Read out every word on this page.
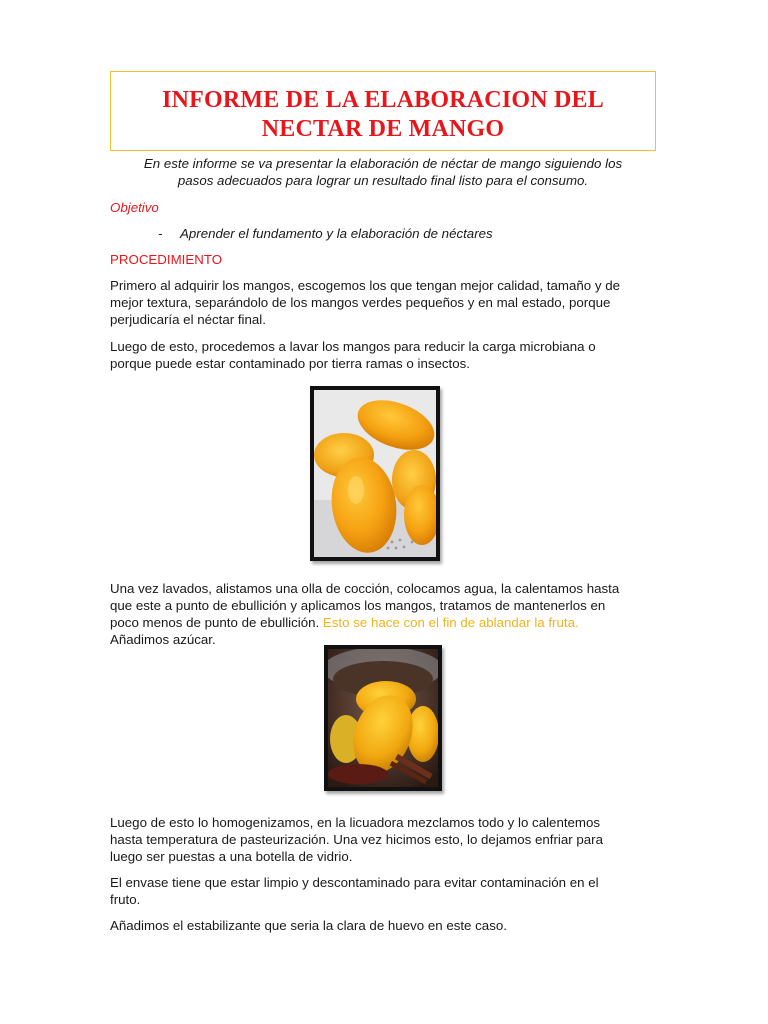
INFORME DE LA ELABORACION DEL
NECTAR DE MANGO
En este informe se va presentar la elaboración de néctar de mango siguiendo los
pasos adecuados para lograr un resultado final listo para el consumo.
Objetivo
- Aprender el fundamento y la elaboración de néctares
PROCEDIMIENTO
Primero al adquirir los mangos, escogemos los que tengan mejor calidad, tamaño y de
mejor textura, separándolo de los mangos verdes pequeños y en mal estado, porque
perjudicaría el néctar final.
Luego de esto, procedemos a lavar los mangos para reducir la carga microbiana o
porque puede estar contaminado por tierra ramas o insectos.
Una vez lavados, alistamos una olla de cocción, colocamos agua, la calentamos hasta
que este a punto de ebullición y aplicamos los mangos, tratamos de mantenerlos en
poco menos de punto de ebullición. Esto se hace con el fin de ablandar la fruta.
Añadimos azúcar.
Luego de esto lo homogenizamos, en la licuadora mezclamos todo y lo calentemos
hasta temperatura de pasteurización. Una vez hicimos esto, lo dejamos enfriar para
luego ser puestas a una botella de vidrio.
El envase tiene que estar limpio y descontaminado para evitar contaminación en el
fruto.
Añadimos el estabilizante que seria la clara de huevo en este caso.
